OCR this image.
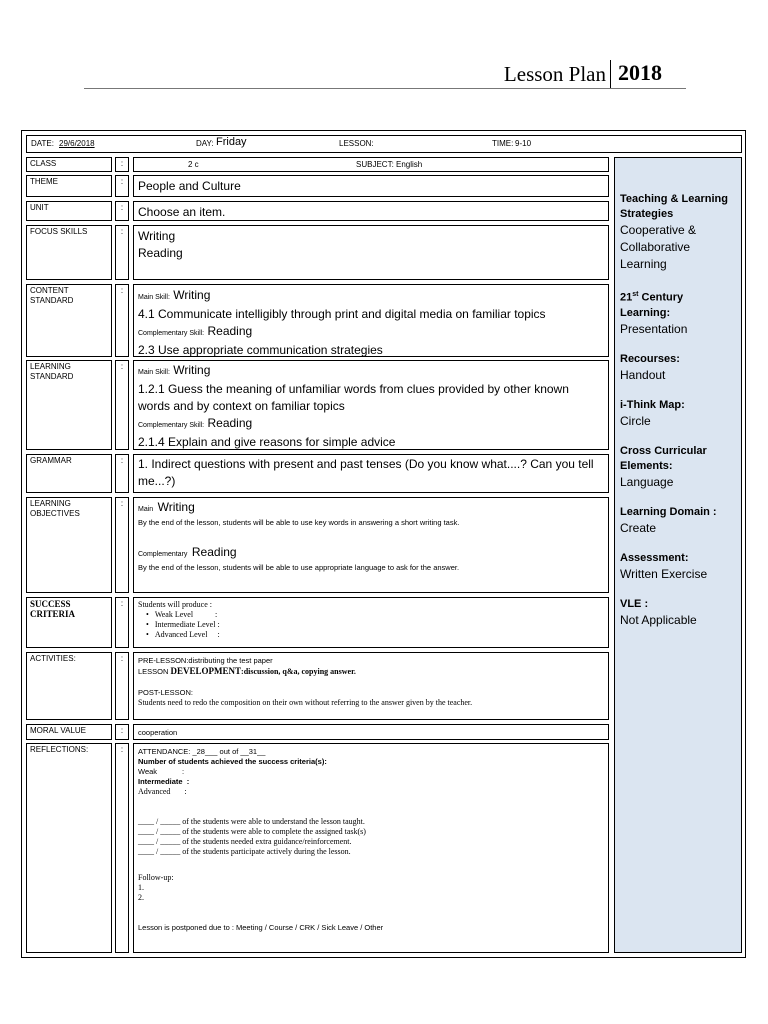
Lesson Plan 2018
DATE: 29/6/2018	DAY: Friday	LESSON:	TIME: 9-10
CLASS	:	2 c	SUBJECT: English
THEME	:	People and Culture
UNIT	:	Choose an item.
FOCUS SKILLS	:	Writing
Reading
CONTENT
STANDARD
:
Main Skill: Writing
4.1 Communicate intelligibly through print and digital media on familiar topics
Complementary Skill: Reading
2.3 Use appropriate communication strategies
LEARNING
STANDARD
:
Main Skill: Writing
1.2.1 Guess the meaning of unfamiliar words from clues provided by other known words and by context on familiar topics
Complementary Skill: Reading
2.1.4 Explain and give reasons for simple advice
GRAMMAR	:	1. Indirect questions with present and past tenses (Do you know what....? Can you tell me...?)
LEARNING
OBJECTIVES
:
Main Writing
By the end of the lesson, students will be able to use key words in answering a short writing task.
Complementary Reading
By the end of the lesson, students will be able to use appropriate language to ask for the answer.
SUCCESS
CRITERIA
:	Students will produce :
• Weak Level           :
• Intermediate Level :
• Advanced Level     :
ACTIVITIES:	:	PRE-LESSON:distributing the test paper
LESSON DEVELOPMENT:discussion, q&a, copying answer.
POST-LESSON:
Students need to redo the composition on their own without referring to the answer given by the teacher.
MORAL VALUE	:	cooperation
REFLECTIONS:	:	ATTENDANCE: _28___ out of __31__
Number of students achieved the success criteria(s):
Weak            :
Intermediate  :
Advanced       :
____ / _____ of the students were able to understand the lesson taught.
____ / _____ of the students were able to complete the assigned task(s)
____ / _____ of the students needed extra guidance/reinforcement.
____ / _____ of the students participate actively during the lesson.
Follow-up:
1.
2.
Lesson is postponed due to : Meeting / Course / CRK / Sick Leave / Other
Teaching & Learning Strategies
Cooperative & Collaborative Learning
21st Century Learning:
Presentation
Recourses:
Handout
i-Think Map:
Circle
Cross Curricular Elements:
Language
Learning Domain :
Create
Assessment:
Written Exercise
VLE :
Not Applicable
